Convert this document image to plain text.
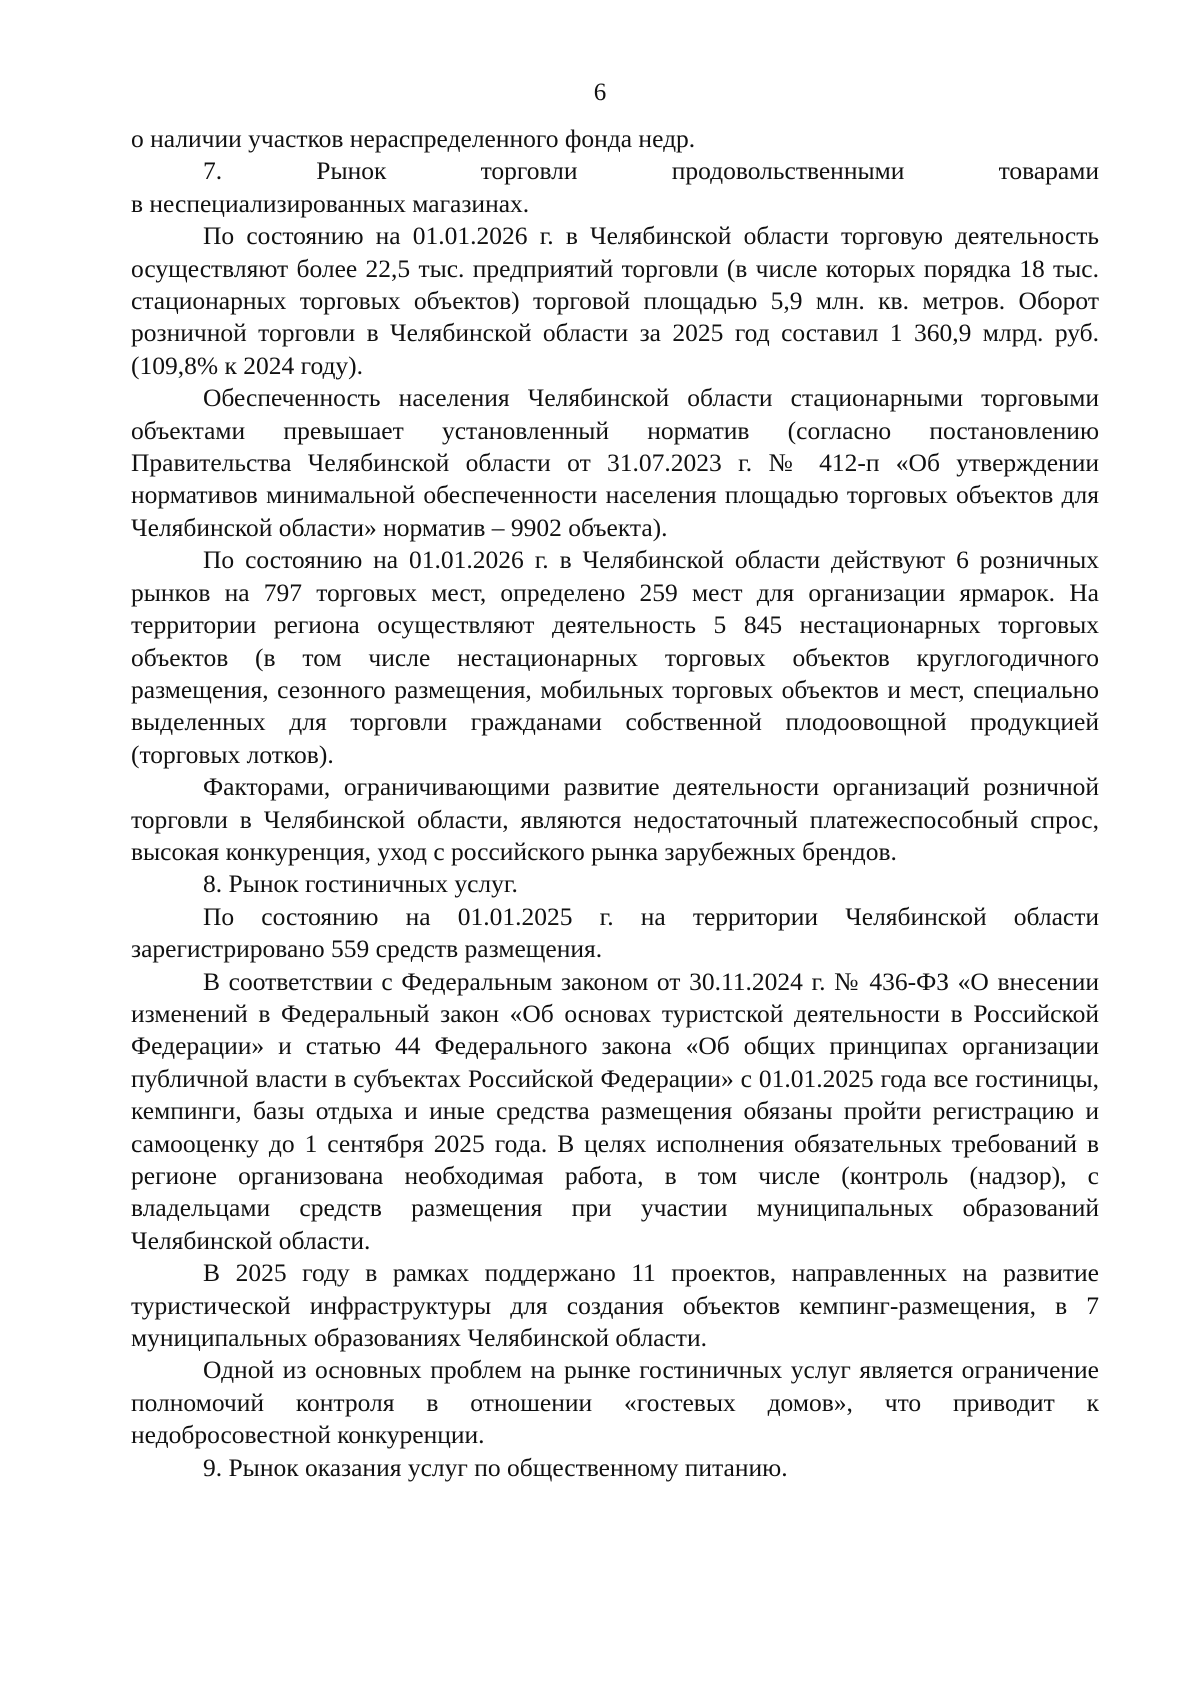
6

о наличии участков нераспределенного фонда недр.

7. Рынок торговли продовольственными товарами

в неспециализированных магазинах.

По состоянию на 01.01.2026 г. в Челябинской области торговую деятельность осуществляют более 22,5 тыс. предприятий торговли (в числе которых порядка 18 тыс. стационарных торговых объектов) торговой площадью 5,9 млн. кв. метров. Оборот розничной торговли в Челябинской области за 2025 год составил 1 360,9 млрд. руб. (109,8% к 2024 году).

Обеспеченность населения Челябинской области стационарными торговыми объектами превышает установленный норматив (согласно постановлению Правительства Челябинской области от 31.07.2023 г. № 412-п «Об утверждении нормативов минимальной обеспеченности населения площадью торговых объектов для Челябинской области» норматив – 9902 объекта).

По состоянию на 01.01.2026 г. в Челябинской области действуют 6 розничных рынков на 797 торговых мест, определено 259 мест для организации ярмарок. На территории региона осуществляют деятельность 5 845 нестационарных торговых объектов (в том числе нестационарных торговых объектов круглогодичного размещения, сезонного размещения, мобильных торговых объектов и мест, специально выделенных для торговли гражданами собственной плодоовощной продукцией (торговых лотков).

Факторами, ограничивающими развитие деятельности организаций розничной торговли в Челябинской области, являются недостаточный платежеспособный спрос, высокая конкуренция, уход с российского рынка зарубежных брендов.

8. Рынок гостиничных услуг.

По состоянию на 01.01.2025 г. на территории Челябинской области зарегистрировано 559 средств размещения.

В соответствии с Федеральным законом от 30.11.2024 г. № 436-ФЗ «О внесении изменений в Федеральный закон «Об основах туристской деятельности в Российской Федерации» и статью 44 Федерального закона «Об общих принципах организации публичной власти в субъектах Российской Федерации» с 01.01.2025 года все гостиницы, кемпинги, базы отдыха и иные средства размещения обязаны пройти регистрацию и самооценку до 1 сентября 2025 года. В целях исполнения обязательных требований в регионе организована необходимая работа, в том числе (контроль (надзор), с владельцами средств размещения при участии муниципальных образований Челябинской области.

В 2025 году в рамках поддержано 11 проектов, направленных на развитие туристической инфраструктуры для создания объектов кемпинг-размещения, в 7 муниципальных образованиях Челябинской области.

Одной из основных проблем на рынке гостиничных услуг является ограничение полномочий контроля в отношении «гостевых домов», что приводит к недобросовестной конкуренции.

9. Рынок оказания услуг по общественному питанию.
